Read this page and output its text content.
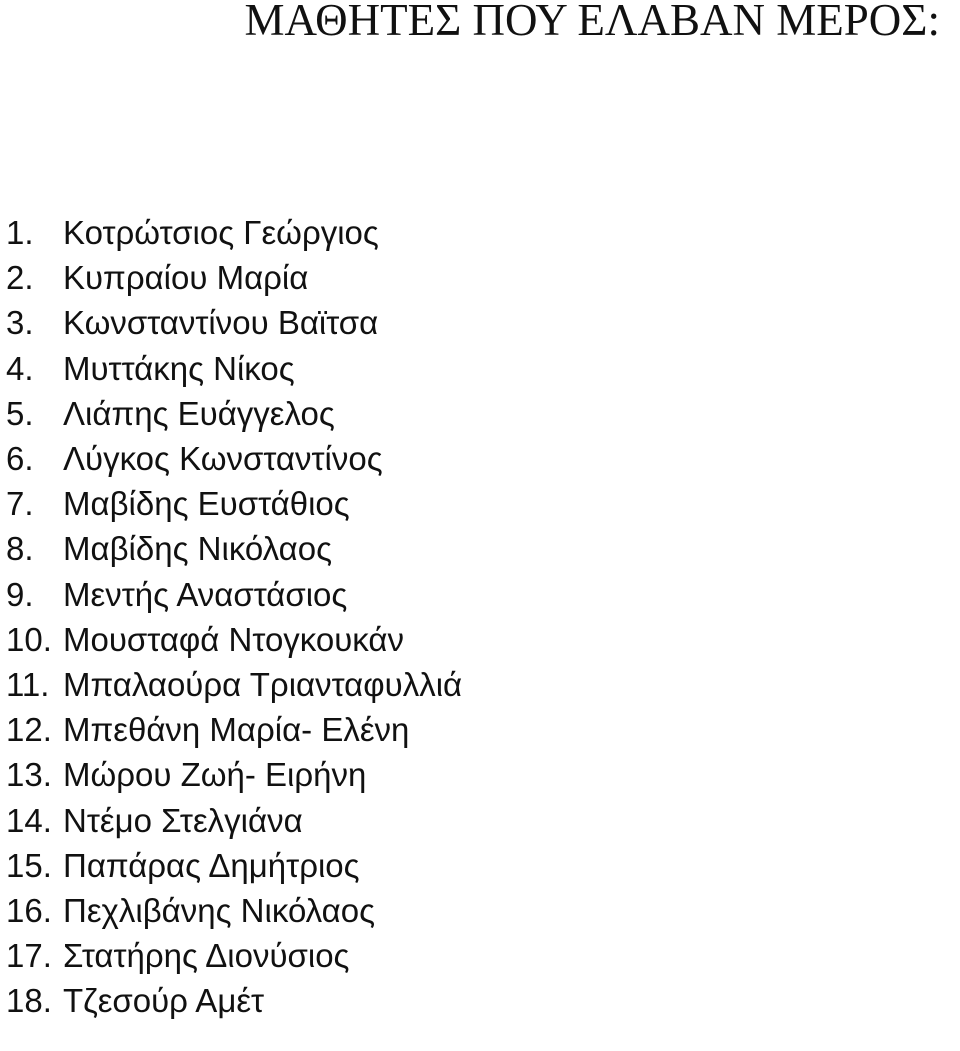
ΜΑΘΗΤΕΣ ΠΟΥ ΕΛΑΒΑΝ ΜΕΡΟΣ:
1. Κοτρώτσιος Γεώργιος
2. Κυπραίου Μαρία
3. Κωνσταντίνου Βαϊτσα
4. Μυττάκης Νίκος
5. Λιάπης Ευάγγελος
6. Λύγκος Κωνσταντίνος
7. Μαβίδης Ευστάθιος
8. Μαβίδης Νικόλαος
9. Μεντής Αναστάσιος
10. Μουσταφά Ντογκουκάν
11. Μπαλαούρα Τριανταφυλλιά
12. Μπεθάνη Μαρία- Ελένη
13. Μώρου Ζωή- Ειρήνη
14. Ντέμο Στελγιάνα
15. Παπάρας Δημήτριος
16. Πεχλιβάνης Νικόλαος
17. Στατήρης Διονύσιος
18. Τζεσούρ Αμέτ
